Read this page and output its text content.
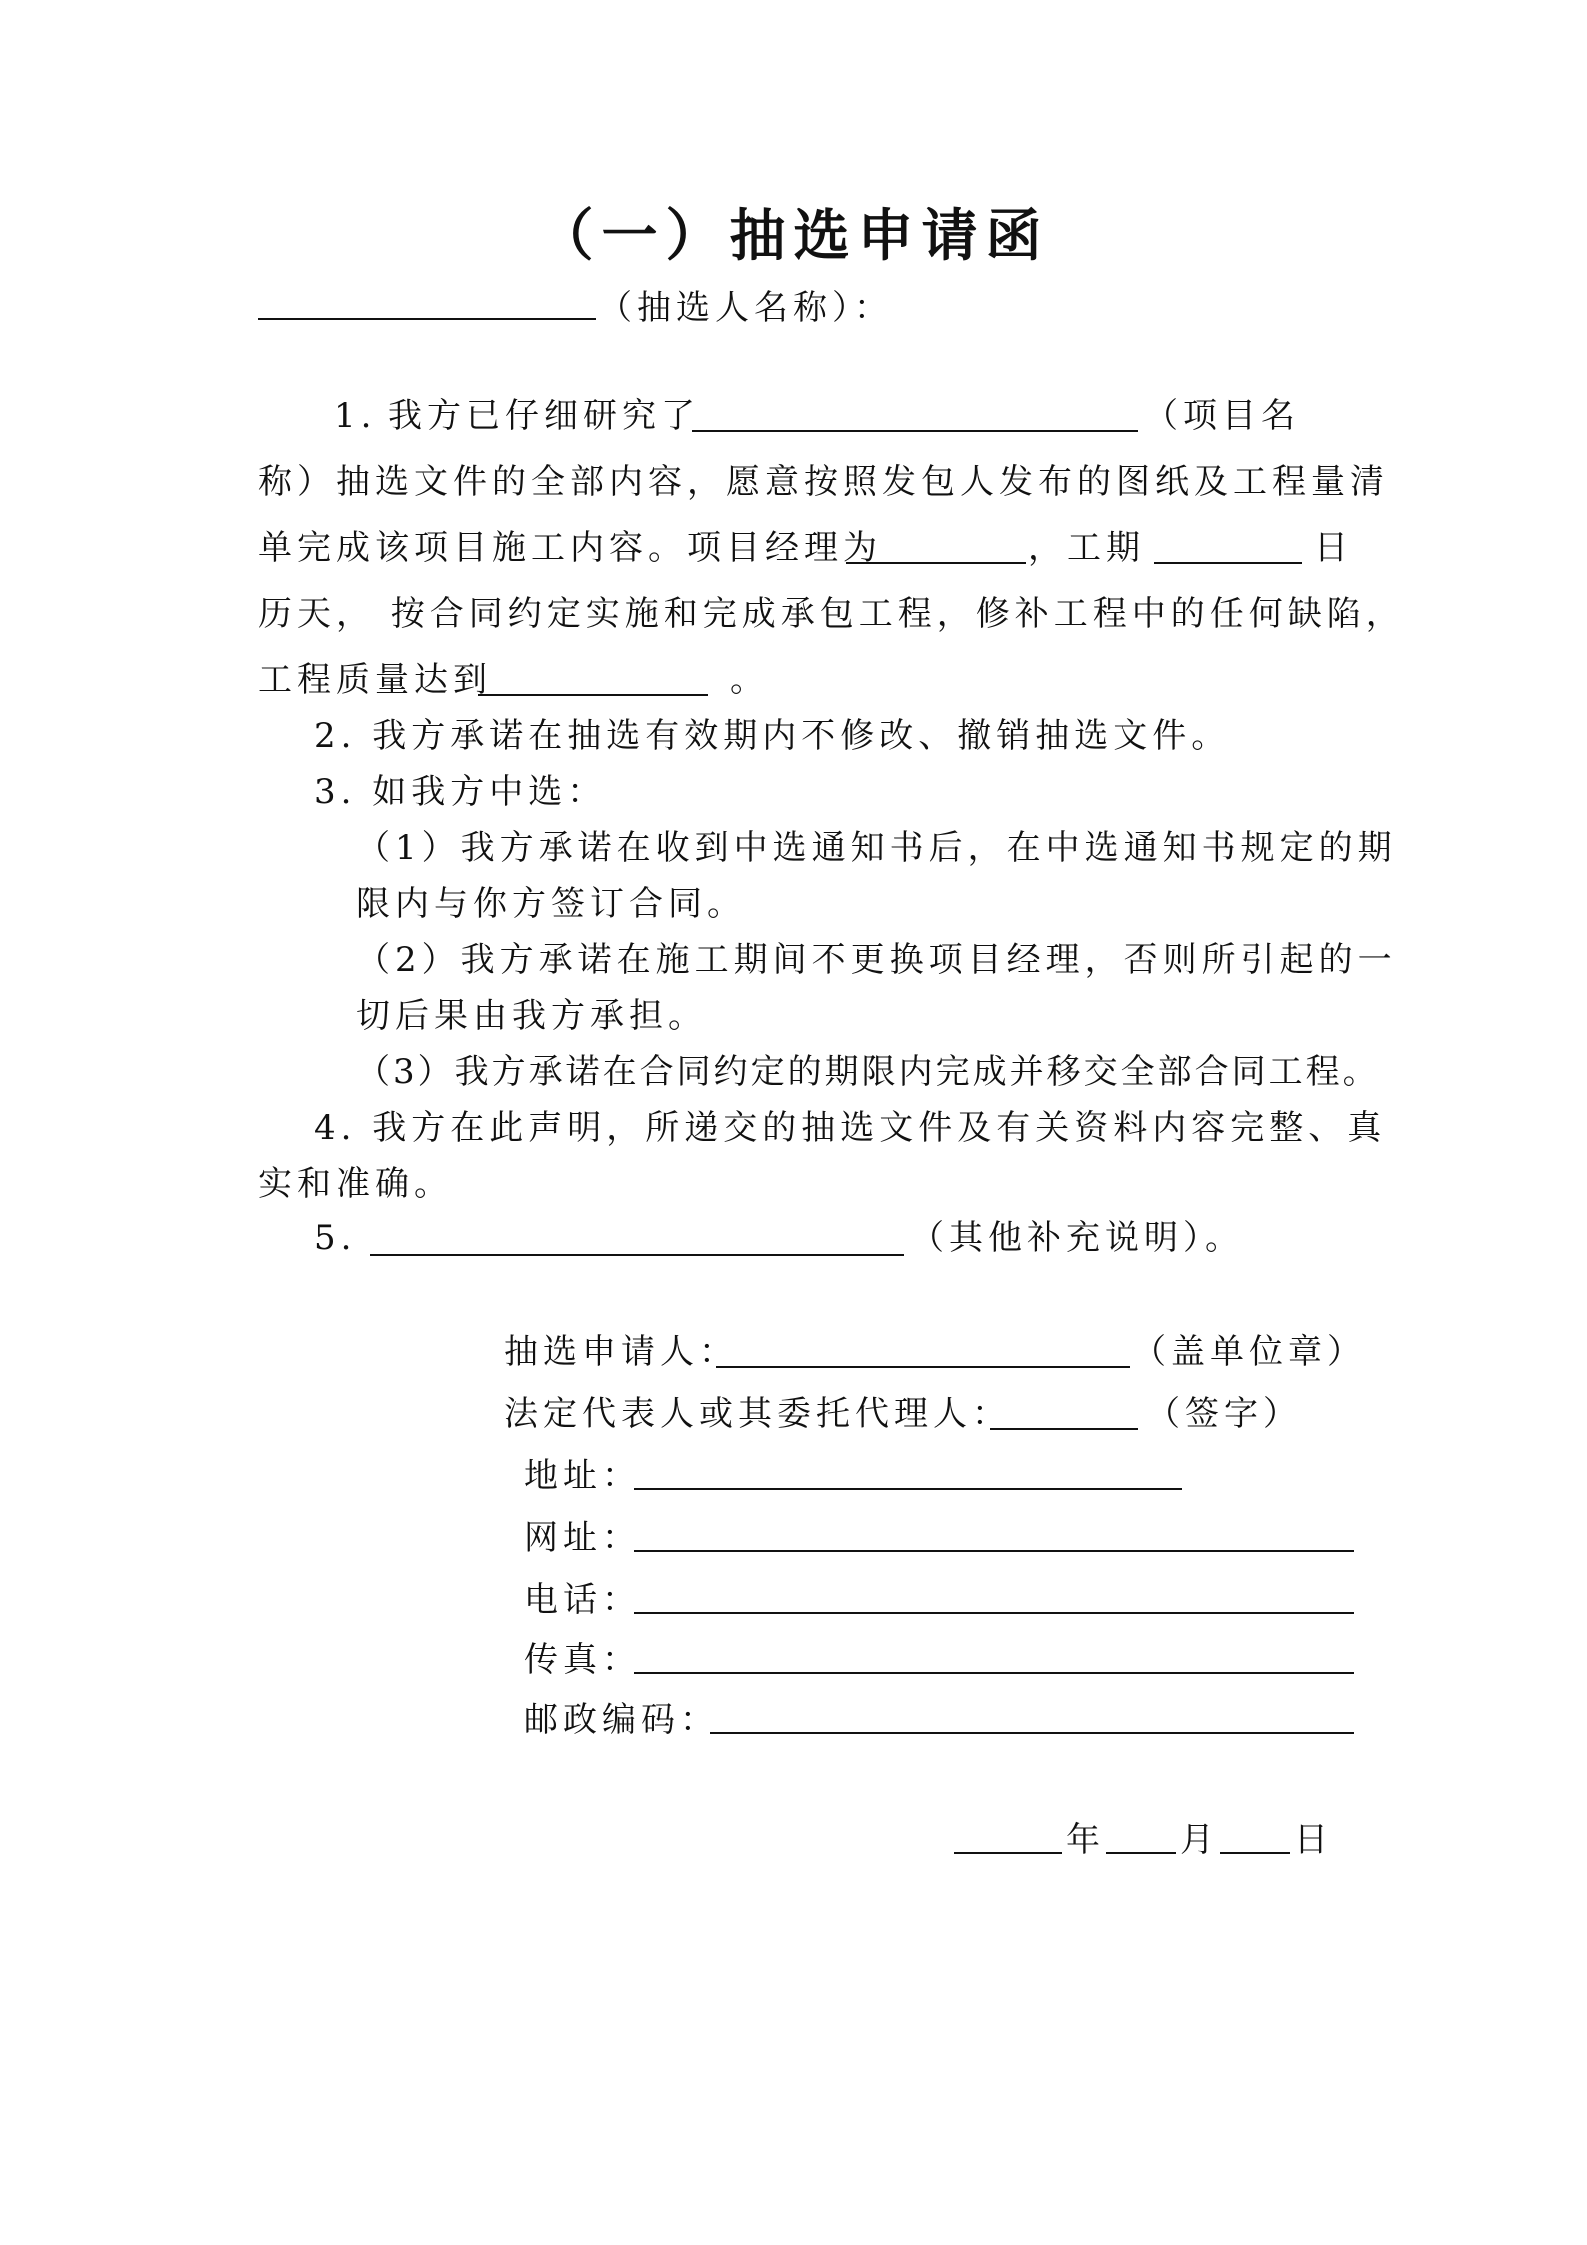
（一）抽选申请函
（抽选人名称）：
1. 我方已仔细研究了	（项目名
称）抽选文件的全部内容，愿意按照发包人发布的图纸及工程量清
单完成该项目施工内容。项目经理为	，工期	日
历天， 按合同约定实施和完成承包工程，修补工程中的任何缺陷，
工程质量达到	。
2. 我方承诺在抽选有效期内不修改、撤销抽选文件。
3. 如我方中选：
（1）我方承诺在收到中选通知书后，在中选通知书规定的期
限内与你方签订合同。
（2）我方承诺在施工期间不更换项目经理，否则所引起的一
切后果由我方承担。
（3）我方承诺在合同约定的期限内完成并移交全部合同工程。
4. 我方在此声明，所递交的抽选文件及有关资料内容完整、真
实和准确。
5.	（其他补充说明）。
抽选申请人：	（盖单位章）
法定代表人或其委托代理人：	（签字）
地址：
网址：
电话：
传真：
邮政编码：
年 月 日
